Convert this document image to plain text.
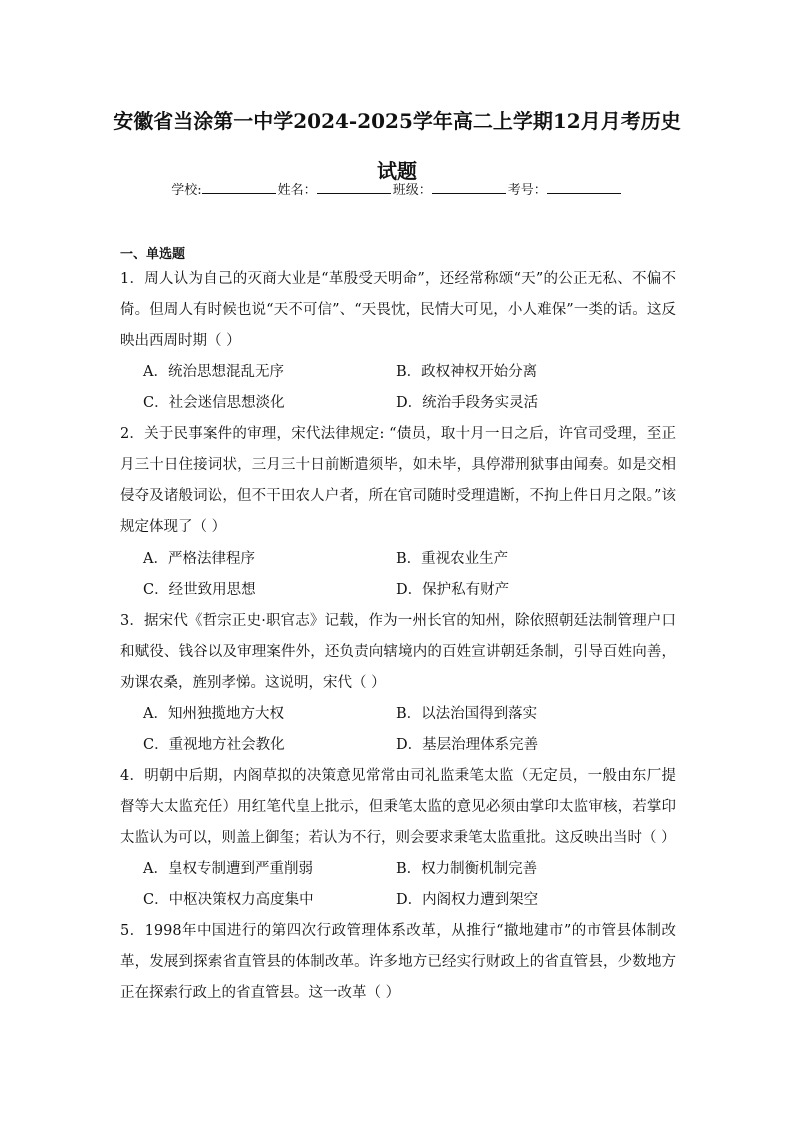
安徽省当涂第一中学2024-2025学年高二上学期12月月考历史
试题
学校:	姓名：	班级：	考号：
一、单选题
1．周人认为自己的灭商大业是“革殷受天明命”，还经常称颂“天”的公正无私、不偏不倚。但周人有时候也说“天不可信”、“天畏忱，民情大可见，小人难保”一类的话。这反映出西周时期（ ）
A．统治思想混乱无序	B．政权神权开始分离
C．社会迷信思想淡化	D．统治手段务实灵活
2．关于民事案件的审理，宋代法律规定: “债员，取十月一日之后，许官司受理，至正月三十日住接词状，三月三十日前断遣须毕，如未毕，具停滞刑狱事由闻奏。如是交相侵夺及诸般词讼，但不干田农人户者，所在官司随时受理遣断，不拘上件日月之限。”该规定体现了（ ）
A．严格法律程序	B．重视农业生产
C．经世致用思想	D．保护私有财产
3．据宋代《哲宗正史·职官志》记载，作为一州长官的知州，除依照朝廷法制管理户口和赋役、钱谷以及审理案件外，还负责向辖境内的百姓宣讲朝廷条制，引导百姓向善，劝课农桑，旌别孝悌。这说明，宋代（ ）
A．知州独揽地方大权	B．以法治国得到落实
C．重视地方社会教化	D．基层治理体系完善
4．明朝中后期，内阁草拟的决策意见常常由司礼监秉笔太监（无定员，一般由东厂提督等大太监充任）用红笔代皇上批示，但秉笔太监的意见必须由掌印太监审核，若掌印太监认为可以，则盖上御玺；若认为不行，则会要求秉笔太监重批。这反映出当时（ ）
A．皇权专制遭到严重削弱	B．权力制衡机制完善
C．中枢决策权力高度集中	D．内阁权力遭到架空
5．1998年中国进行的第四次行政管理体系改革，从推行“撤地建市”的市管县体制改革，发展到探索省直管县的体制改革。许多地方已经实行财政上的省直管县，少数地方正在探索行政上的省直管县。这一改革（ ）
